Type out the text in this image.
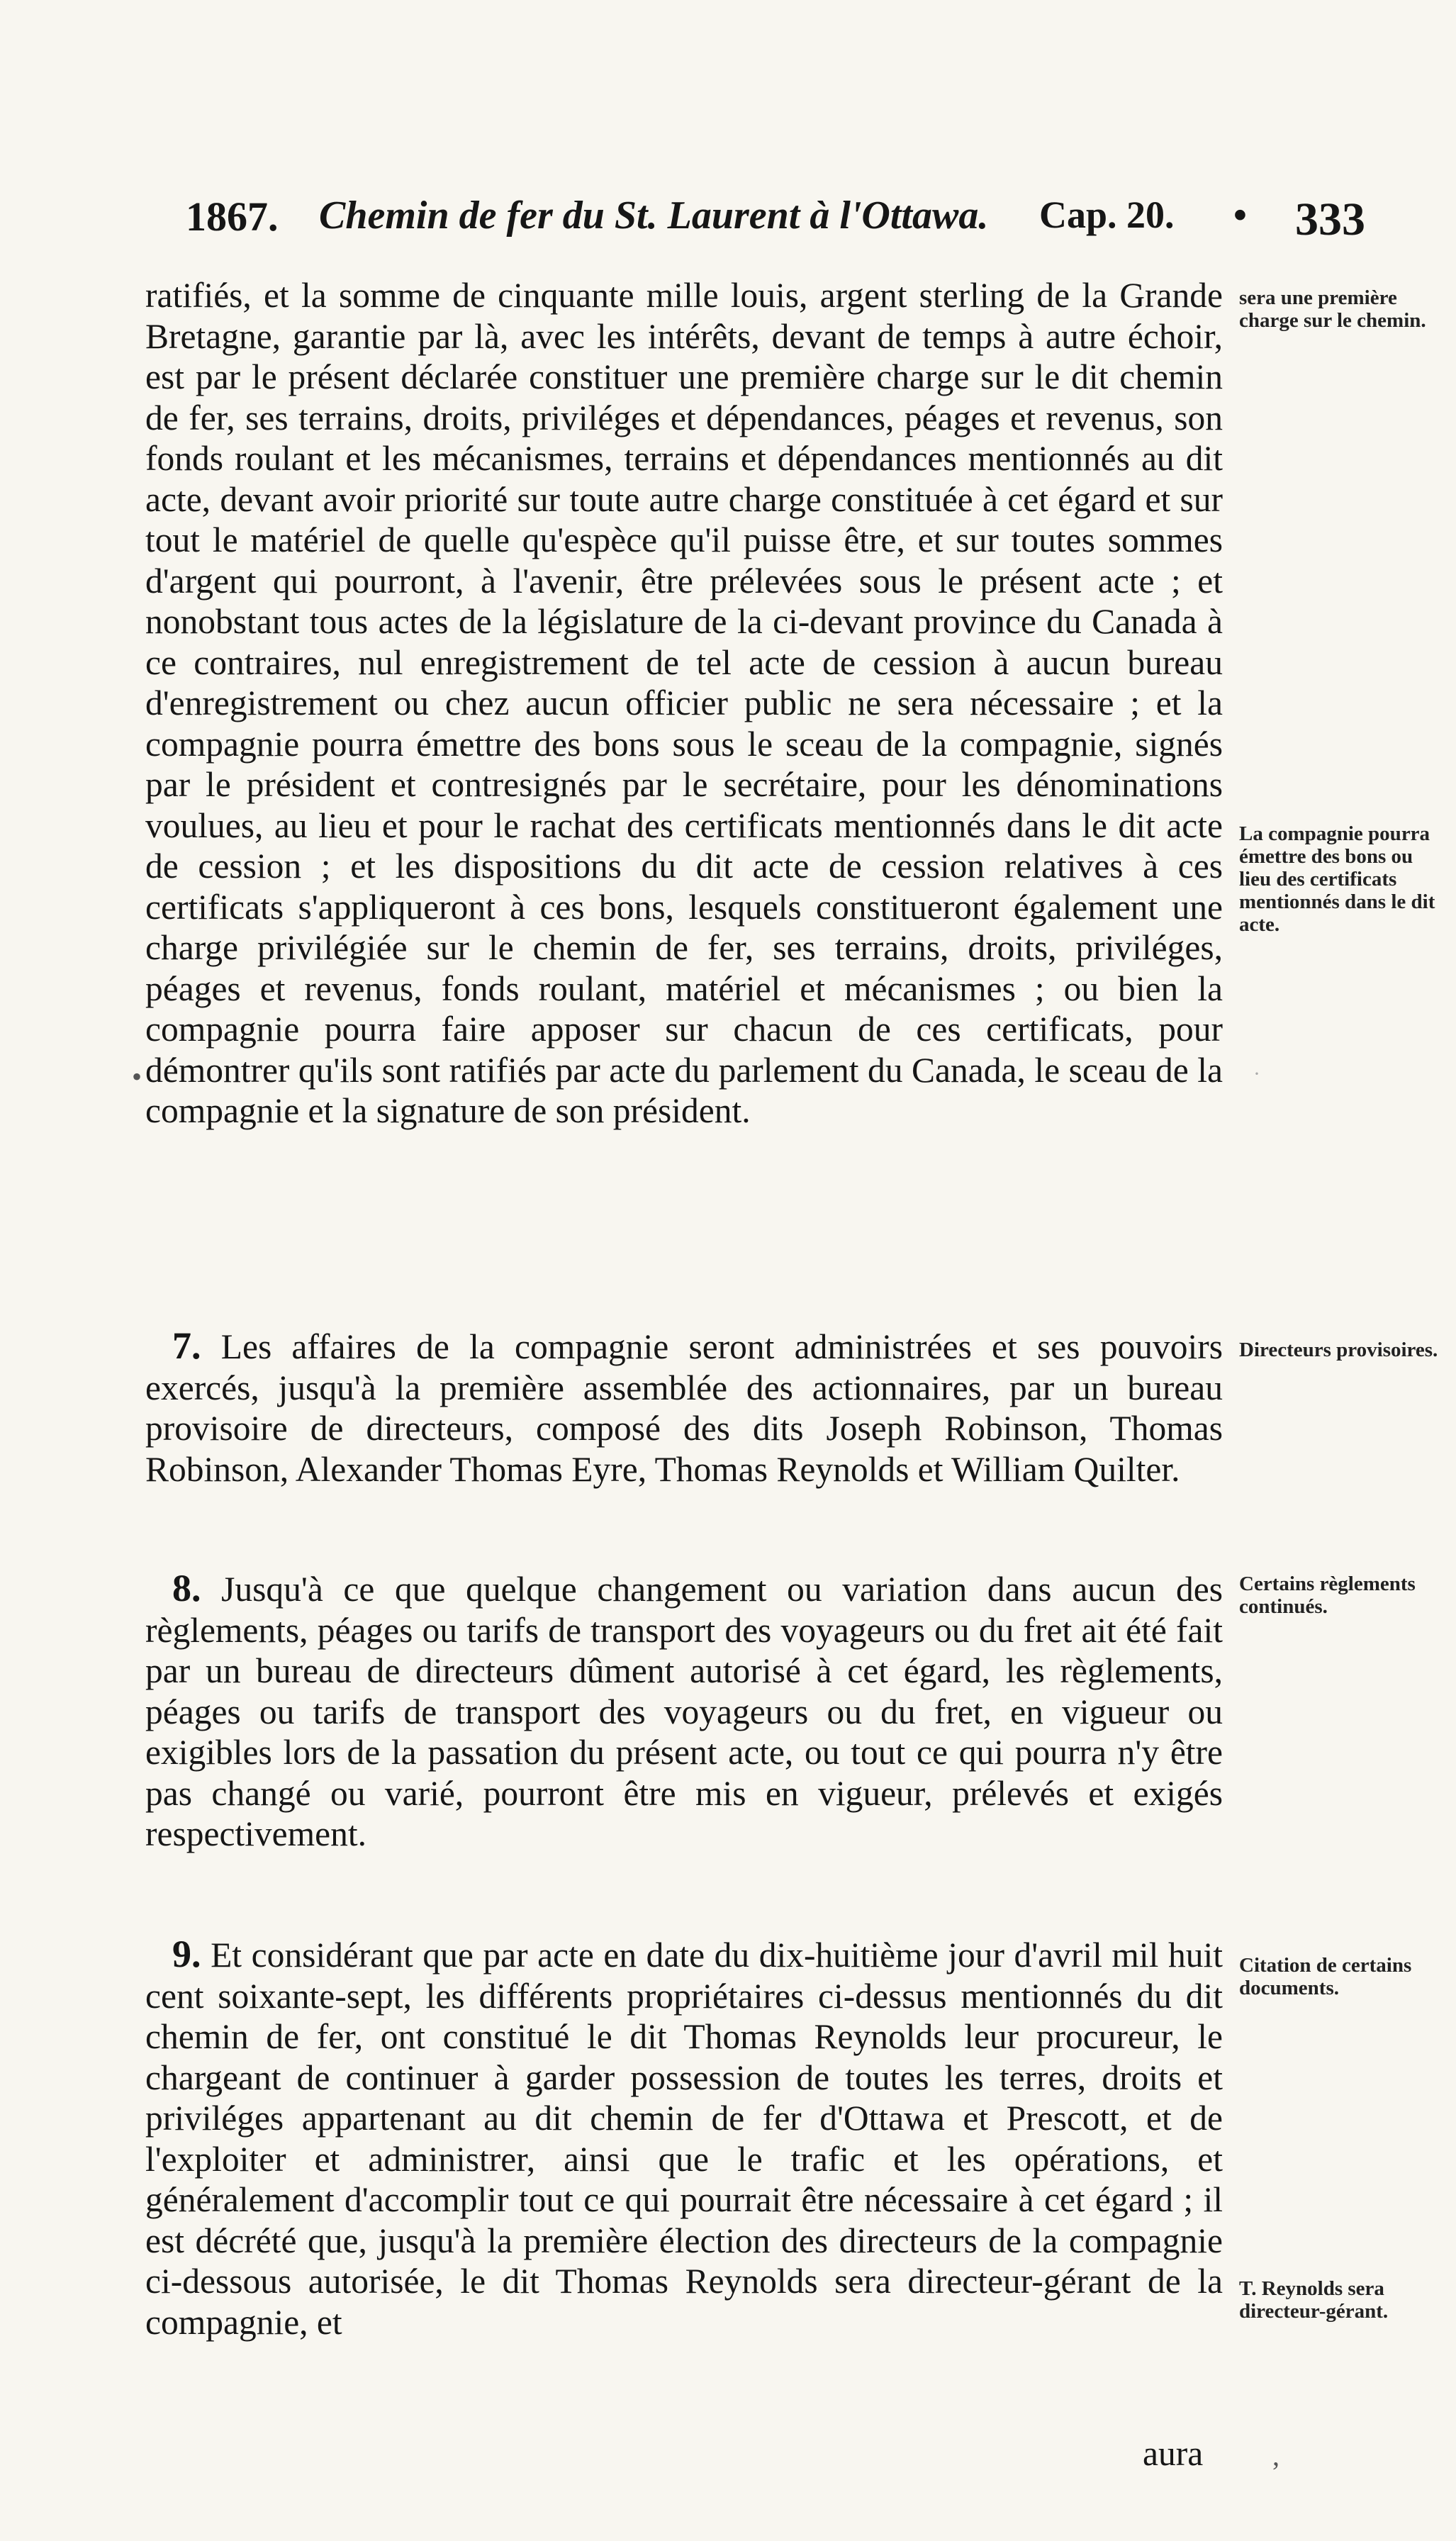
1867. Chemin de fer du St. Laurent à l'Ottawa. Cap. 20. • 333

ratifiés, et la somme de cinquante mille louis, argent sterling de la Grande Bretagne, garantie par là, avec les intérêts, devant de temps à autre échoir, est par le présent déclarée constituer une première charge sur le dit chemin de fer, ses terrains, droits, priviléges et dépendances, péages et revenus, son fonds roulant et les mécanismes, terrains et dépendances mentionnés au dit acte, devant avoir priorité sur toute autre charge constituée à cet égard et sur tout le matériel de quelle qu'espèce qu'il puisse être, et sur toutes sommes d'argent qui pourront, à l'avenir, être prélevées sous le présent acte ; et nonobstant tous actes de la législature de la ci-devant province du Canada à ce contraires, nul enregistrement de tel acte de cession à aucun bureau d'enregistrement ou chez aucun officier public ne sera nécessaire ; et la compagnie pourra émettre des bons sous le sceau de la compagnie, signés par le président et contresignés par le secrétaire, pour les dénominations voulues, au lieu et pour le rachat des certificats mentionnés dans le dit acte de cession ; et les dispositions du dit acte de cession relatives à ces certificats s'appliqueront à ces bons, lesquels constitueront également une charge privilégiée sur le chemin de fer, ses terrains, droits, priviléges, péages et revenus, fonds roulant, matériel et mécanismes ; ou bien la compagnie pourra faire apposer sur chacun de ces certificats, pour démontrer qu'ils sont ratifiés par acte du parlement du Canada, le sceau de la compagnie et la signature de son président.

7. Les affaires de la compagnie seront administrées et ses pouvoirs exercés, jusqu'à la première assemblée des actionnaires, par un bureau provisoire de directeurs, composé des dits Joseph Robinson, Thomas Robinson, Alexander Thomas Eyre, Thomas Reynolds et William Quilter.

8. Jusqu'à ce que quelque changement ou variation dans aucun des règlements, péages ou tarifs de transport des voyageurs ou du fret ait été fait par un bureau de directeurs dûment autorisé à cet égard, les règlements, péages ou tarifs de transport des voyageurs ou du fret, en vigueur ou exigibles lors de la passation du présent acte, ou tout ce qui pourra n'y être pas changé ou varié, pourront être mis en vigueur, prélevés et exigés respectivement.

9. Et considérant que par acte en date du dix-huitième jour d'avril mil huit cent soixante-sept, les différents propriétaires ci-dessus mentionnés du dit chemin de fer, ont constitué le dit Thomas Reynolds leur procureur, le chargeant de continuer à garder possession de toutes les terres, droits et priviléges appartenant au dit chemin de fer d'Ottawa et Prescott, et de l'exploiter et administrer, ainsi que le trafic et les opérations, et généralement d'accomplir tout ce qui pourrait être nécessaire à cet égard ; il est décrété que, jusqu'à la première élection des directeurs de la compagnie ci-dessous autorisée, le dit Thomas Reynolds sera directeur-gérant de la compagnie, et

sera une première charge sur le chemin.
La compagnie pourra émettre des bons ou lieu des certificats mentionnés dans le dit acte.
Directeurs provisoires.
Certains règlements continués.
Citation de certains documents.
T. Reynolds sera directeur-gérant.
aura
•
,
·
